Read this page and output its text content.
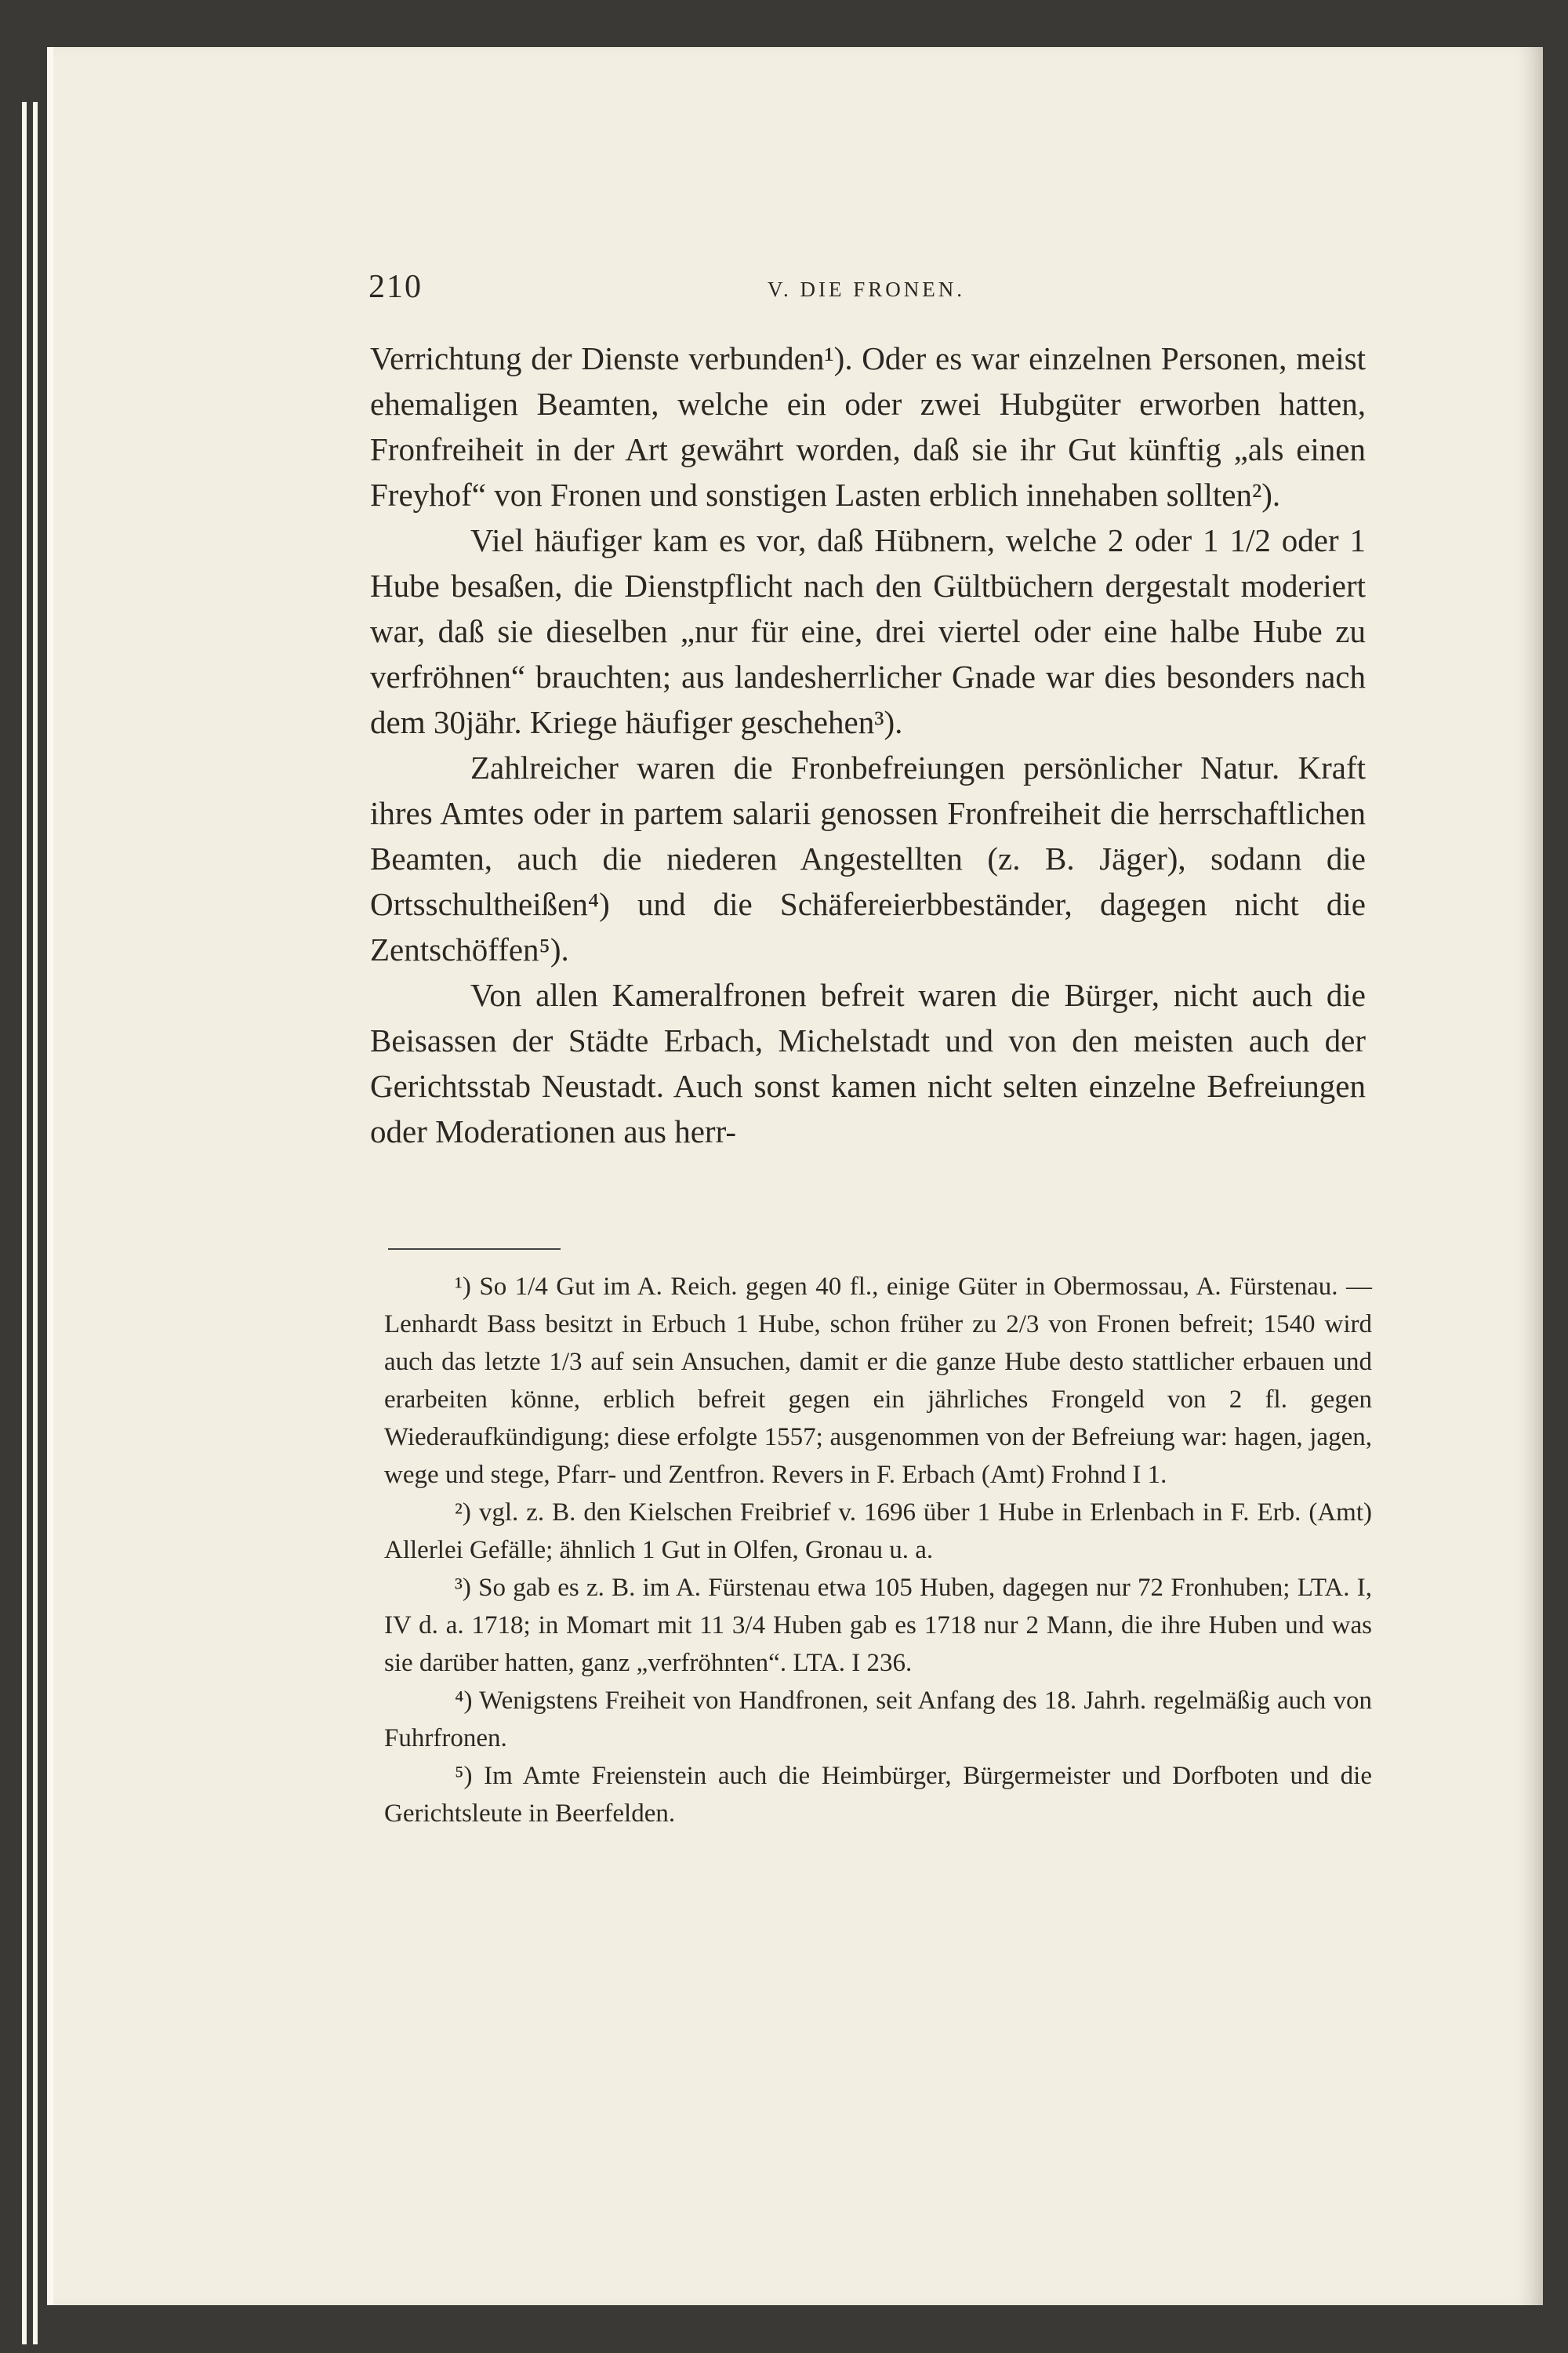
210	V. DIE FRONEN.

Verrichtung der Dienste verbunden¹). Oder es war einzelnen Personen, meist ehemaligen Beamten, welche ein oder zwei Hubgüter erworben hatten, Fronfreiheit in der Art gewährt worden, daß sie ihr Gut künftig „als einen Freyhof“ von Fronen und sonstigen Lasten erblich innehaben sollten²).

Viel häufiger kam es vor, daß Hübnern, welche 2 oder 1 1/2 oder 1 Hube besaßen, die Dienstpflicht nach den Gültbüchern dergestalt moderiert war, daß sie dieselben „nur für eine, drei viertel oder eine halbe Hube zu verfröhnen“ brauchten; aus landesherrlicher Gnade war dies besonders nach dem 30jähr. Kriege häufiger geschehen³).

Zahlreicher waren die Fronbefreiungen persönlicher Natur. Kraft ihres Amtes oder in partem salarii genossen Fronfreiheit die herrschaftlichen Beamten, auch die niederen Angestellten (z. B. Jäger), sodann die Ortsschultheißen⁴) und die Schäfereierbbeständer, dagegen nicht die Zentschöffen⁵).

Von allen Kameralfronen befreit waren die Bürger, nicht auch die Beisassen der Städte Erbach, Michelstadt und von den meisten auch der Gerichtsstab Neustadt. Auch sonst kamen nicht selten einzelne Befreiungen oder Moderationen aus herr-

¹) So 1/4 Gut im A. Reich. gegen 40 fl., einige Güter in Obermossau, A. Fürstenau. — Lenhardt Bass besitzt in Erbuch 1 Hube, schon früher zu 2/3 von Fronen befreit; 1540 wird auch das letzte 1/3 auf sein Ansuchen, damit er die ganze Hube desto stattlicher erbauen und erarbeiten könne, erblich befreit gegen ein jährliches Frongeld von 2 fl. gegen Wiederaufkündigung; diese erfolgte 1557; ausgenommen von der Befreiung war: hagen, jagen, wege und stege, Pfarr- und Zentfron. Revers in F. Erbach (Amt) Frohnd I 1.

²) vgl. z. B. den Kielschen Freibrief v. 1696 über 1 Hube in Erlenbach in F. Erb. (Amt) Allerlei Gefälle; ähnlich 1 Gut in Olfen, Gronau u. a.

³) So gab es z. B. im A. Fürstenau etwa 105 Huben, dagegen nur 72 Fronhuben; LTA. I, IV d. a. 1718; in Momart mit 11 3/4 Huben gab es 1718 nur 2 Mann, die ihre Huben und was sie darüber hatten, ganz „verfröhnten“. LTA. I 236.

⁴) Wenigstens Freiheit von Handfronen, seit Anfang des 18. Jahrh. regelmäßig auch von Fuhrfronen.

⁵) Im Amte Freienstein auch die Heimbürger, Bürgermeister und Dorfboten und die Gerichtsleute in Beerfelden.
